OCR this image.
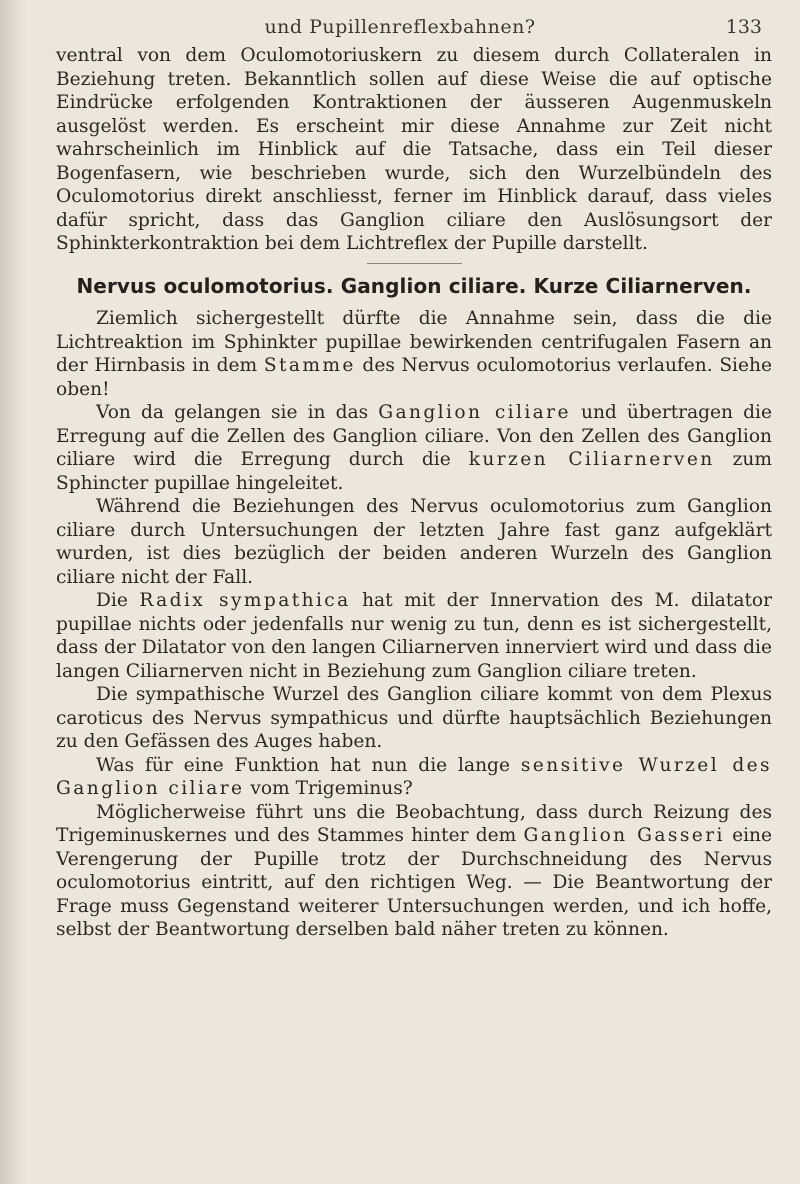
und Pupillenreflexbahnen?	133

ventral von dem Oculomotoriuskern zu diesem durch Collateralen in Beziehung treten. Bekanntlich sollen auf diese Weise die auf optische Eindrücke erfolgenden Kontraktionen der äusseren Augenmuskeln ausgelöst werden. Es erscheint mir diese Annahme zur Zeit nicht wahrscheinlich im Hinblick auf die Tatsache, dass ein Teil dieser Bogenfasern, wie beschrieben wurde, sich den Wurzelbündeln des Oculomotorius direkt anschliesst, ferner im Hinblick darauf, dass vieles dafür spricht, dass das Ganglion ciliare den Auslösungsort der Sphinkterkontraktion bei dem Lichtreflex der Pupille darstellt.

Nervus oculomotorius. Ganglion ciliare. Kurze Ciliarnerven.

Ziemlich sichergestellt dürfte die Annahme sein, dass die die Lichtreaktion im Sphinkter pupillae bewirkenden centrifugalen Fasern an der Hirnbasis in dem Stamme des Nervus oculomotorius verlaufen. Siehe oben!

Von da gelangen sie in das Ganglion ciliare und übertragen die Erregung auf die Zellen des Ganglion ciliare. Von den Zellen des Ganglion ciliare wird die Erregung durch die kurzen Ciliarnerven zum Sphincter pupillae hingeleitet.

Während die Beziehungen des Nervus oculomotorius zum Ganglion ciliare durch Untersuchungen der letzten Jahre fast ganz aufgeklärt wurden, ist dies bezüglich der beiden anderen Wurzeln des Ganglion ciliare nicht der Fall.

Die Radix sympathica hat mit der Innervation des M. dilatator pupillae nichts oder jedenfalls nur wenig zu tun, denn es ist sichergestellt, dass der Dilatator von den langen Ciliarnerven innerviert wird und dass die langen Ciliarnerven nicht in Beziehung zum Ganglion ciliare treten.

Die sympathische Wurzel des Ganglion ciliare kommt von dem Plexus caroticus des Nervus sympathicus und dürfte hauptsächlich Beziehungen zu den Gefässen des Auges haben.

Was für eine Funktion hat nun die lange sensitive Wurzel des Ganglion ciliare vom Trigeminus?

Möglicherweise führt uns die Beobachtung, dass durch Reizung des Trigeminuskernes und des Stammes hinter dem Ganglion Gasseri eine Verengerung der Pupille trotz der Durchschneidung des Nervus oculomotorius eintritt, auf den richtigen Weg. — Die Beantwortung der Frage muss Gegenstand weiterer Untersuchungen werden, und ich hoffe, selbst der Beantwortung derselben bald näher treten zu können.
